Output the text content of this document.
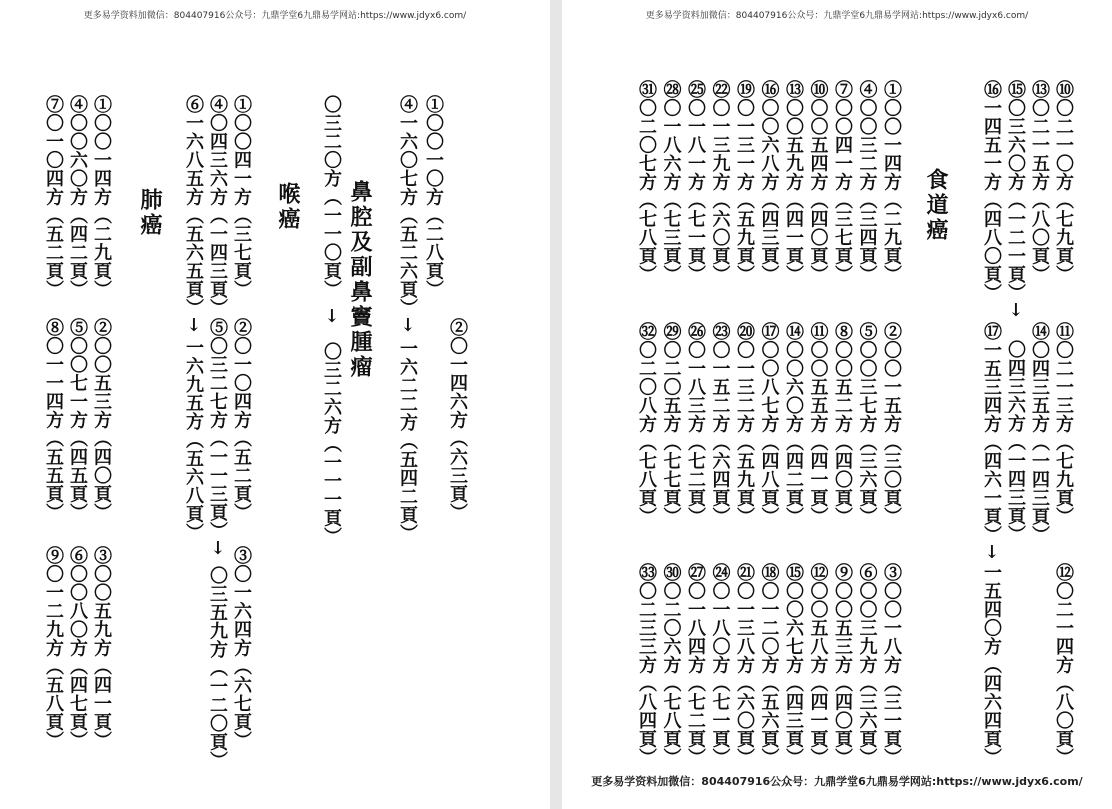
更多易学资料加微信：804407916公众号：九鼎学堂6九鼎易学网站:https://www.jdyx6.com/
①〇〇一〇方（二八頁）
②〇一四六方（六三頁）
④一六〇七方（五二六頁）→ 一六二二方（五四二頁）
鼻腔及副鼻竇腫瘤
〇三二〇方（一一〇頁）　→　〇三二六方（一一一頁）
喉癌
①〇〇四一方（三七頁）
②〇一〇四方（五二頁）
③〇一六四方（六七頁）
④〇四三六方（一四三頁）
⑤〇三二七方（一一三頁）→
〇三五九方（一二〇頁）
⑥一六八五方（五六五頁）→
一六九五方（五六八頁）
肺癌
①〇〇一四方（二九頁）
②〇〇五三方（四〇頁）
③〇〇五九方（四一頁）
④〇〇六〇方（四二頁）
⑤〇〇七一方（四五頁）
⑥〇〇八〇方（四七頁）
⑦〇一〇四方（五二頁）
⑧〇一一四方（五五頁）
⑨〇一二九方（五八頁）
更多易学资料加微信：804407916公众号：九鼎学堂6九鼎易学网站:https://www.jdyx6.com/
⑩〇二一〇方（七九頁）
⑪〇二一三方（七九頁）
⑫〇二一四方（八〇頁）
⑬〇二一五方（八〇頁）
⑭〇四三五方（一四三頁）
⑮〇三六〇方（一二一頁）→
〇四三六方（一四三頁）
⑯一四五一方（四八〇頁）
⑰一五三四方（四六一頁）→
一五四〇方（四六四頁）
食道癌
①〇〇一四方（二九頁）
②〇〇一五方（三〇頁）
③〇〇一八方（三一頁）
④〇〇三二方（三四頁）
⑤〇〇三七方（三六頁）
⑥〇〇三九方（三六頁）
⑦〇〇四一方（三七頁）
⑧〇〇五二方（四〇頁）
⑨〇〇五三方（四〇頁）
⑩〇〇五四方（四〇頁）
⑪〇〇五五方（四一頁）
⑫〇〇五八方（四一頁）
⑬〇〇五九方（四一頁）
⑭〇〇六〇方（四二頁）
⑮〇〇六七方（四三頁）
⑯〇〇六八方（四三頁）
⑰〇〇八七方（四八頁）
⑱〇一二〇方（五六頁）
⑲〇一三一方（五九頁）
⑳〇一三二方（五九頁）
㉑〇一三八方（六〇頁）
㉒〇一三九方（六〇頁）
㉓〇一五二方（六四頁）
㉔〇一八〇方（七一頁）
㉕〇一八一方（七一頁）
㉖〇一八三方（七二頁）
㉗〇一八四方（七二頁）
㉘〇一八六方（七三頁）
㉙〇二〇五方（七七頁）
㉚〇二〇六方（七八頁）
㉛〇二〇七方（七八頁）
㉜〇二〇八方（七八頁）
㉝〇二三三方（八四頁）
更多易学资料加微信：804407916公众号：九鼎学堂6九鼎易学网站:https://www.jdyx6.com/
